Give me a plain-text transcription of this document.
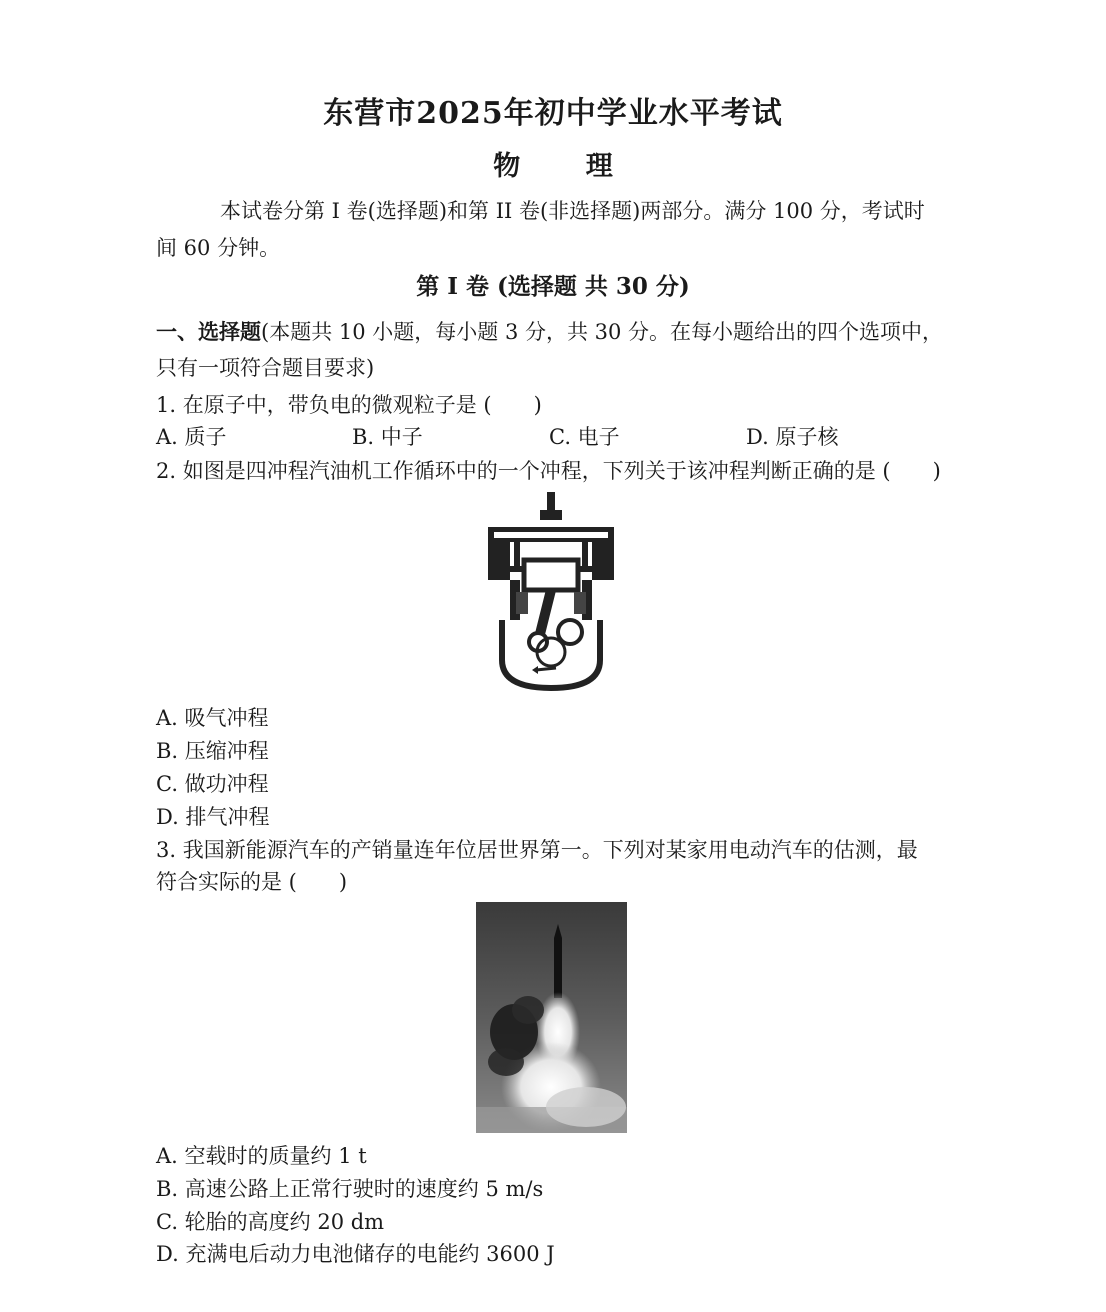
东营市2025年初中学业水平考试
物 理
本试卷分第 I 卷(选择题)和第 II 卷(非选择题)两部分。满分 100 分，考试时
间 60 分钟。
第 I 卷 (选择题 共 30 分)
一、选择题(本题共 10 小题，每小题 3 分，共 30 分。在每小题给出的四个选项中，
只有一项符合题目要求)
1. 在原子中，带负电的微观粒子是 (　　)
A. 质子	B. 中子	C. 电子	D. 原子核
2. 如图是四冲程汽油机工作循环中的一个冲程，下列关于该冲程判断正确的是 (　　)
A. 吸气冲程
B. 压缩冲程
C. 做功冲程
D. 排气冲程
3. 我国新能源汽车的产销量连年位居世界第一。下列对某家用电动汽车的估测，最
符合实际的是 (　　)
A. 空载时的质量约 1 t
B. 高速公路上正常行驶时的速度约 5 m/s
C. 轮胎的高度约 20 dm
D. 充满电后动力电池储存的电能约 3600 J
